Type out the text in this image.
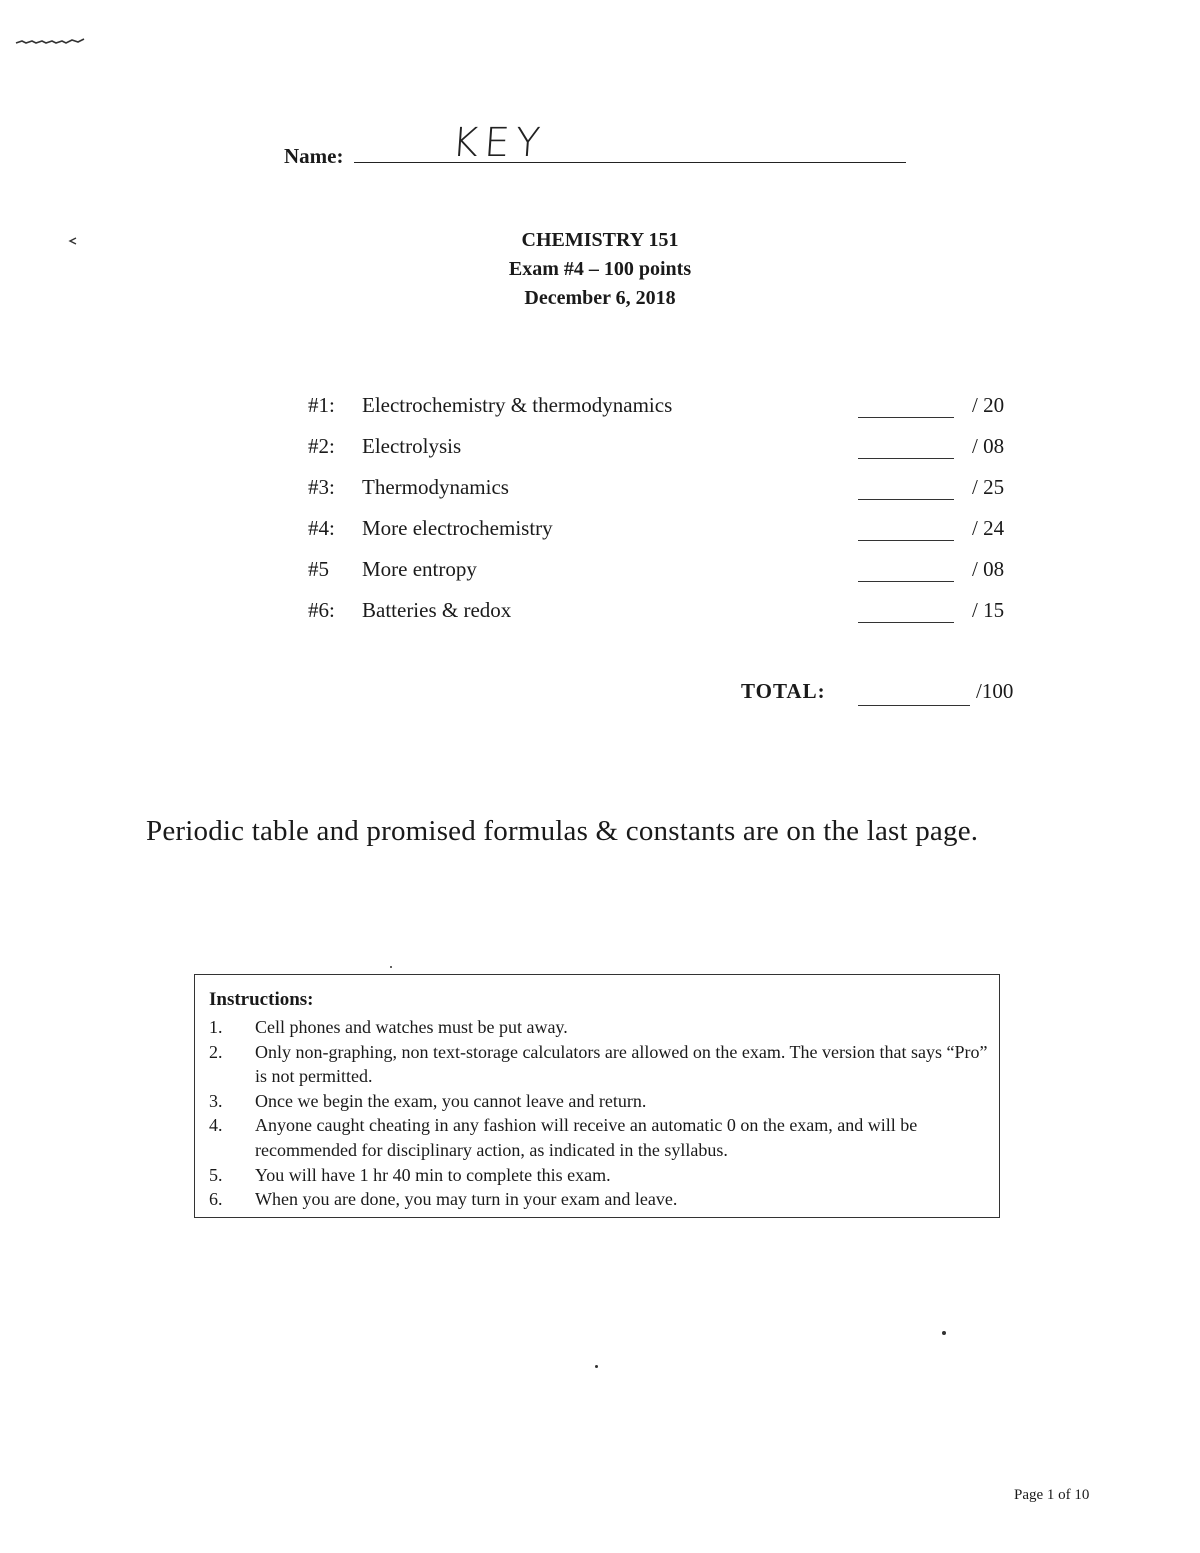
Name:	KEY
CHEMISTRY 151
Exam #4 – 100 points
December 6, 2018
#1: Electrochemistry & thermodynamics	/ 20
#2: Electrolysis	/ 08
#3: Thermodynamics	/ 25
#4: More electrochemistry	/ 24
#5 More entropy	/ 08
#6: Batteries & redox	/ 15
TOTAL:	/100
Periodic table and promised formulas & constants are on the last page.
Instructions:
1. Cell phones and watches must be put away.
2. Only non-graphing, non text-storage calculators are allowed on the exam. The version that says “Pro” is not permitted.
3. Once we begin the exam, you cannot leave and return.
4. Anyone caught cheating in any fashion will receive an automatic 0 on the exam, and will be recommended for disciplinary action, as indicated in the syllabus.
5. You will have 1 hr 40 min to complete this exam.
6. When you are done, you may turn in your exam and leave.
Page 1 of 10
